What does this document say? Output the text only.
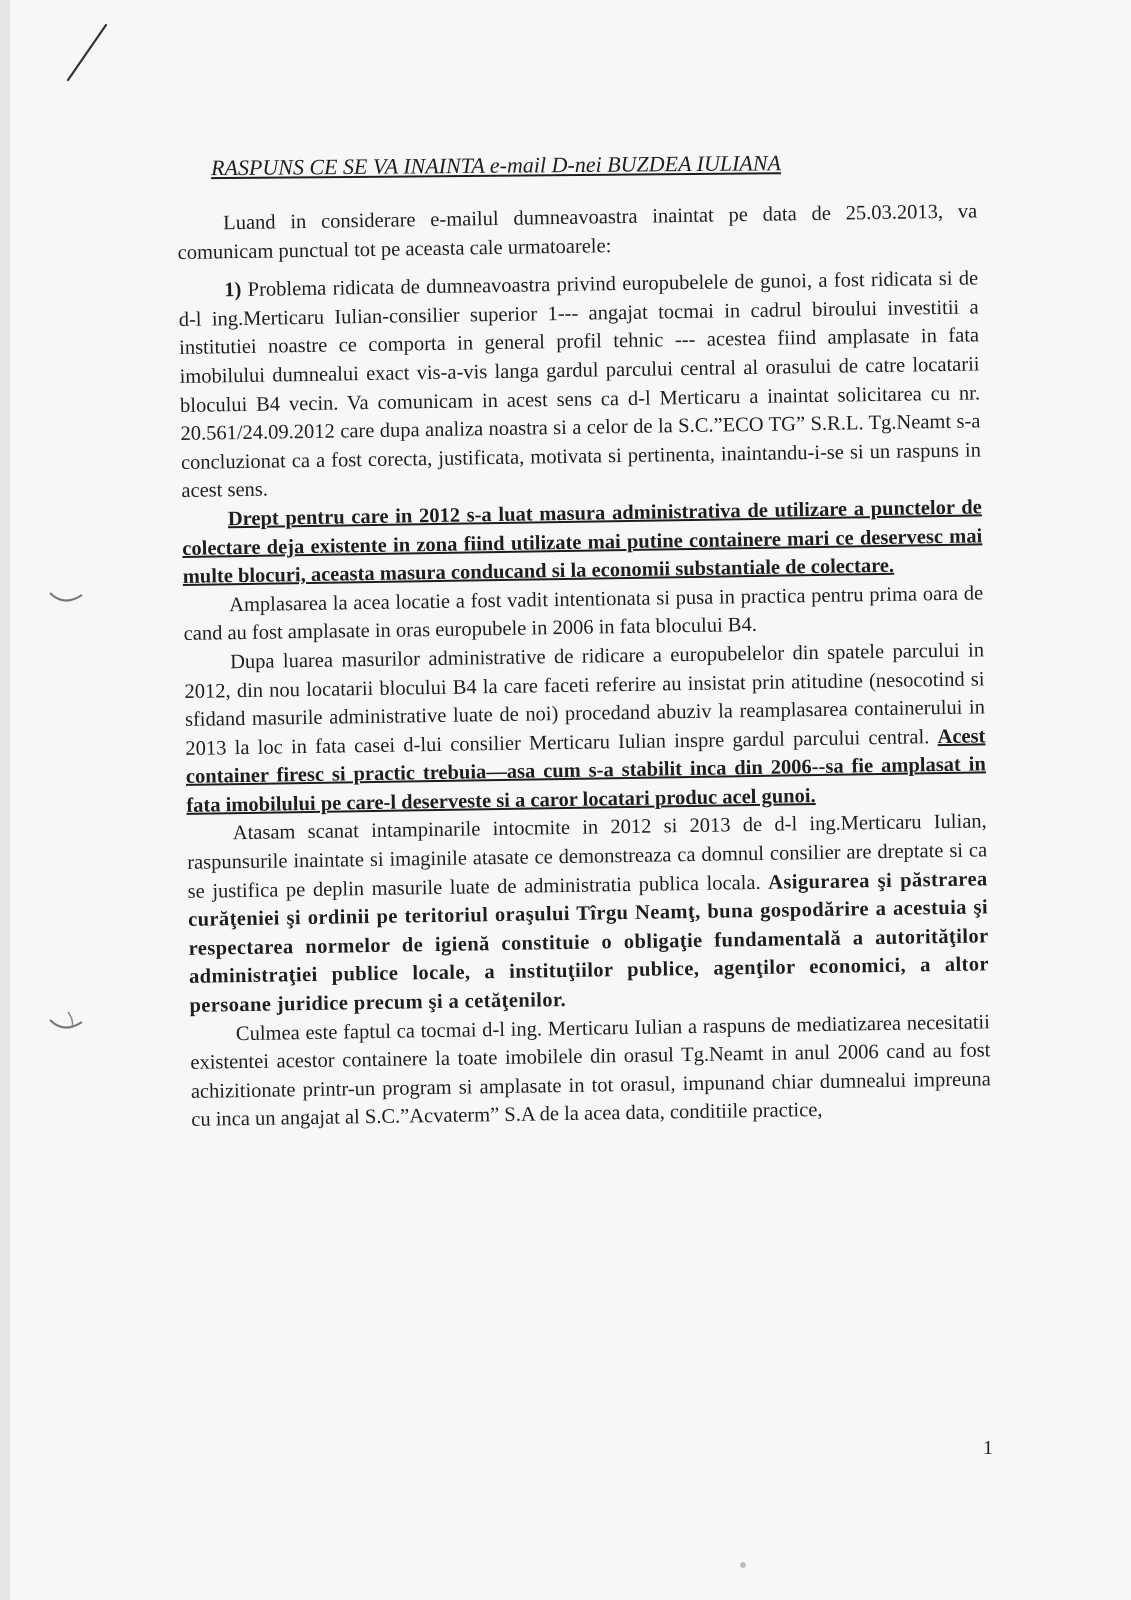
RASPUNS CE SE VA INAINTA e-mail D-nei BUZDEA IULIANA

Luand in considerare e-mailul dumneavoastra inaintat pe data de 25.03.2013, va comunicam punctual tot pe aceasta cale urmatoarele:

1) Problema ridicata de dumneavoastra privind europubelele de gunoi, a fost ridicata si de d-l ing.Merticaru Iulian-consilier superior 1--- angajat tocmai in cadrul biroului investitii a institutiei noastre ce comporta in general profil tehnic --- acestea fiind amplasate in fata imobilului dumnealui exact vis-a-vis langa gardul parcului central al orasului de catre locatarii blocului B4 vecin. Va comunicam in acest sens ca d-l Merticaru a inaintat solicitarea cu nr. 20.561/24.09.2012 care dupa analiza noastra si a celor de la S.C.”ECO TG” S.R.L. Tg.Neamt s-a concluzionat ca a fost corecta, justificata, motivata si pertinenta, inaintandu-i-se si un raspuns in acest sens.

Drept pentru care in 2012 s-a luat masura administrativa de utilizare a punctelor de colectare deja existente in zona fiind utilizate mai putine containere mari ce deservesc mai multe blocuri, aceasta masura conducand si la economii substantiale de colectare.

Amplasarea la acea locatie a fost vadit intentionata si pusa in practica pentru prima oara de cand au fost amplasate in oras europubele in 2006 in fata blocului B4.

Dupa luarea masurilor administrative de ridicare a europubelelor din spatele parcului in 2012, din nou locatarii blocului B4 la care faceti referire au insistat prin atitudine (nesocotind si sfidand masurile administrative luate de noi) procedand abuziv la reamplasarea containerului in 2013 la loc in fata casei d-lui consilier Merticaru Iulian inspre gardul parcului central. Acest container firesc si practic trebuia—asa cum s-a stabilit inca din 2006--sa fie amplasat in fata imobilului pe care-l deserveste si a caror locatari produc acel gunoi.

Atasam scanat intampinarile intocmite in 2012 si 2013 de d-l ing.Merticaru Iulian, raspunsurile inaintate si imaginile atasate ce demonstreaza ca domnul consilier are dreptate si ca se justifica pe deplin masurile luate de administratia publica locala. Asigurarea şi păstrarea curăţeniei şi ordinii pe teritoriul oraşului Tîrgu Neamţ, buna gospodărire a acestuia şi respectarea normelor de igienă constituie o obligaţie fundamentală a autorităţilor administraţiei publice locale, a instituţiilor publice, agenţilor economici, a altor persoane juridice precum şi a cetăţenilor.

Culmea este faptul ca tocmai d-l ing. Merticaru Iulian a raspuns de mediatizarea necesitatii existentei acestor containere la toate imobilele din orasul Tg.Neamt in anul 2006 cand au fost achizitionate printr-un program si amplasate in tot orasul, impunand chiar dumnealui impreuna cu inca un angajat al S.C.”Acvaterm” S.A de la acea data, conditiile practice,

1
